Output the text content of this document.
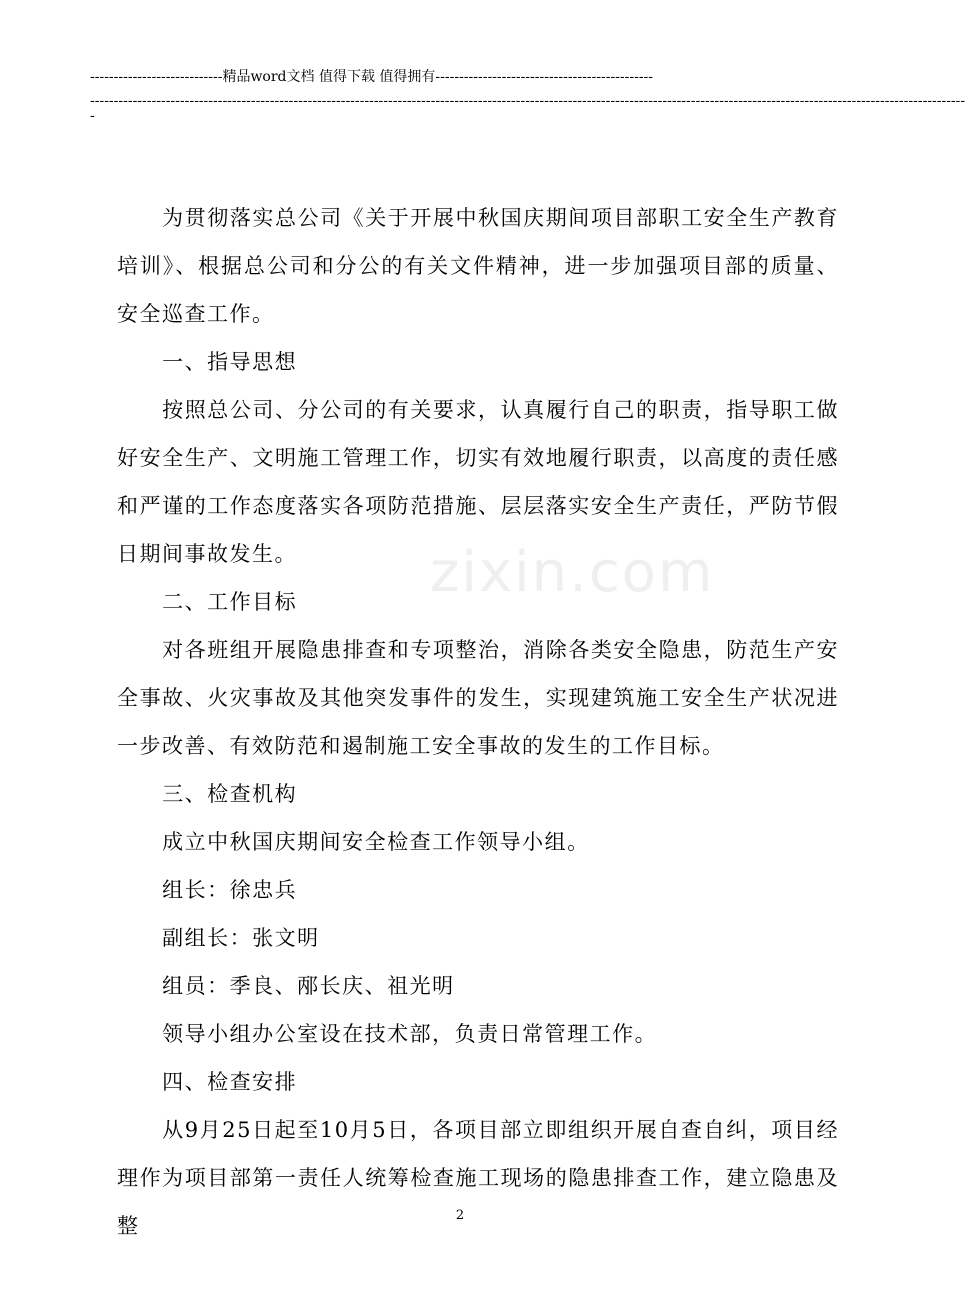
----------------------------精品word文档 值得下载 值得拥有----------------------------------------------
-----------------------------------------------------------------------------------------------------------------------------------------------------------------------------------------
-
zixin.com

为贯彻落实总公司《关于开展中秋国庆期间项目部职工安全生产教育培训》、根据总公司和分公的有关文件精神，进一步加强项目部的质量、安全巡查工作。

一、指导思想

按照总公司、分公司的有关要求，认真履行自己的职责，指导职工做好安全生产、文明施工管理工作，切实有效地履行职责，以高度的责任感和严谨的工作态度落实各项防范措施、层层落实安全生产责任，严防节假日期间事故发生。

二、工作目标

对各班组开展隐患排查和专项整治，消除各类安全隐患，防范生产安全事故、火灾事故及其他突发事件的发生，实现建筑施工安全生产状况进一步改善、有效防范和遏制施工安全事故的发生的工作目标。

三、检查机构

成立中秋国庆期间安全检查工作领导小组。

组长：徐忠兵

副组长：张文明

组员：季良、邴长庆、祖光明

领导小组办公室设在技术部，负责日常管理工作。

四、检查安排

从9月25日起至10月5日，各项目部立即组织开展自查自纠，项目经理作为项目部第一责任人统筹检查施工现场的隐患排查工作，建立隐患及整	2
